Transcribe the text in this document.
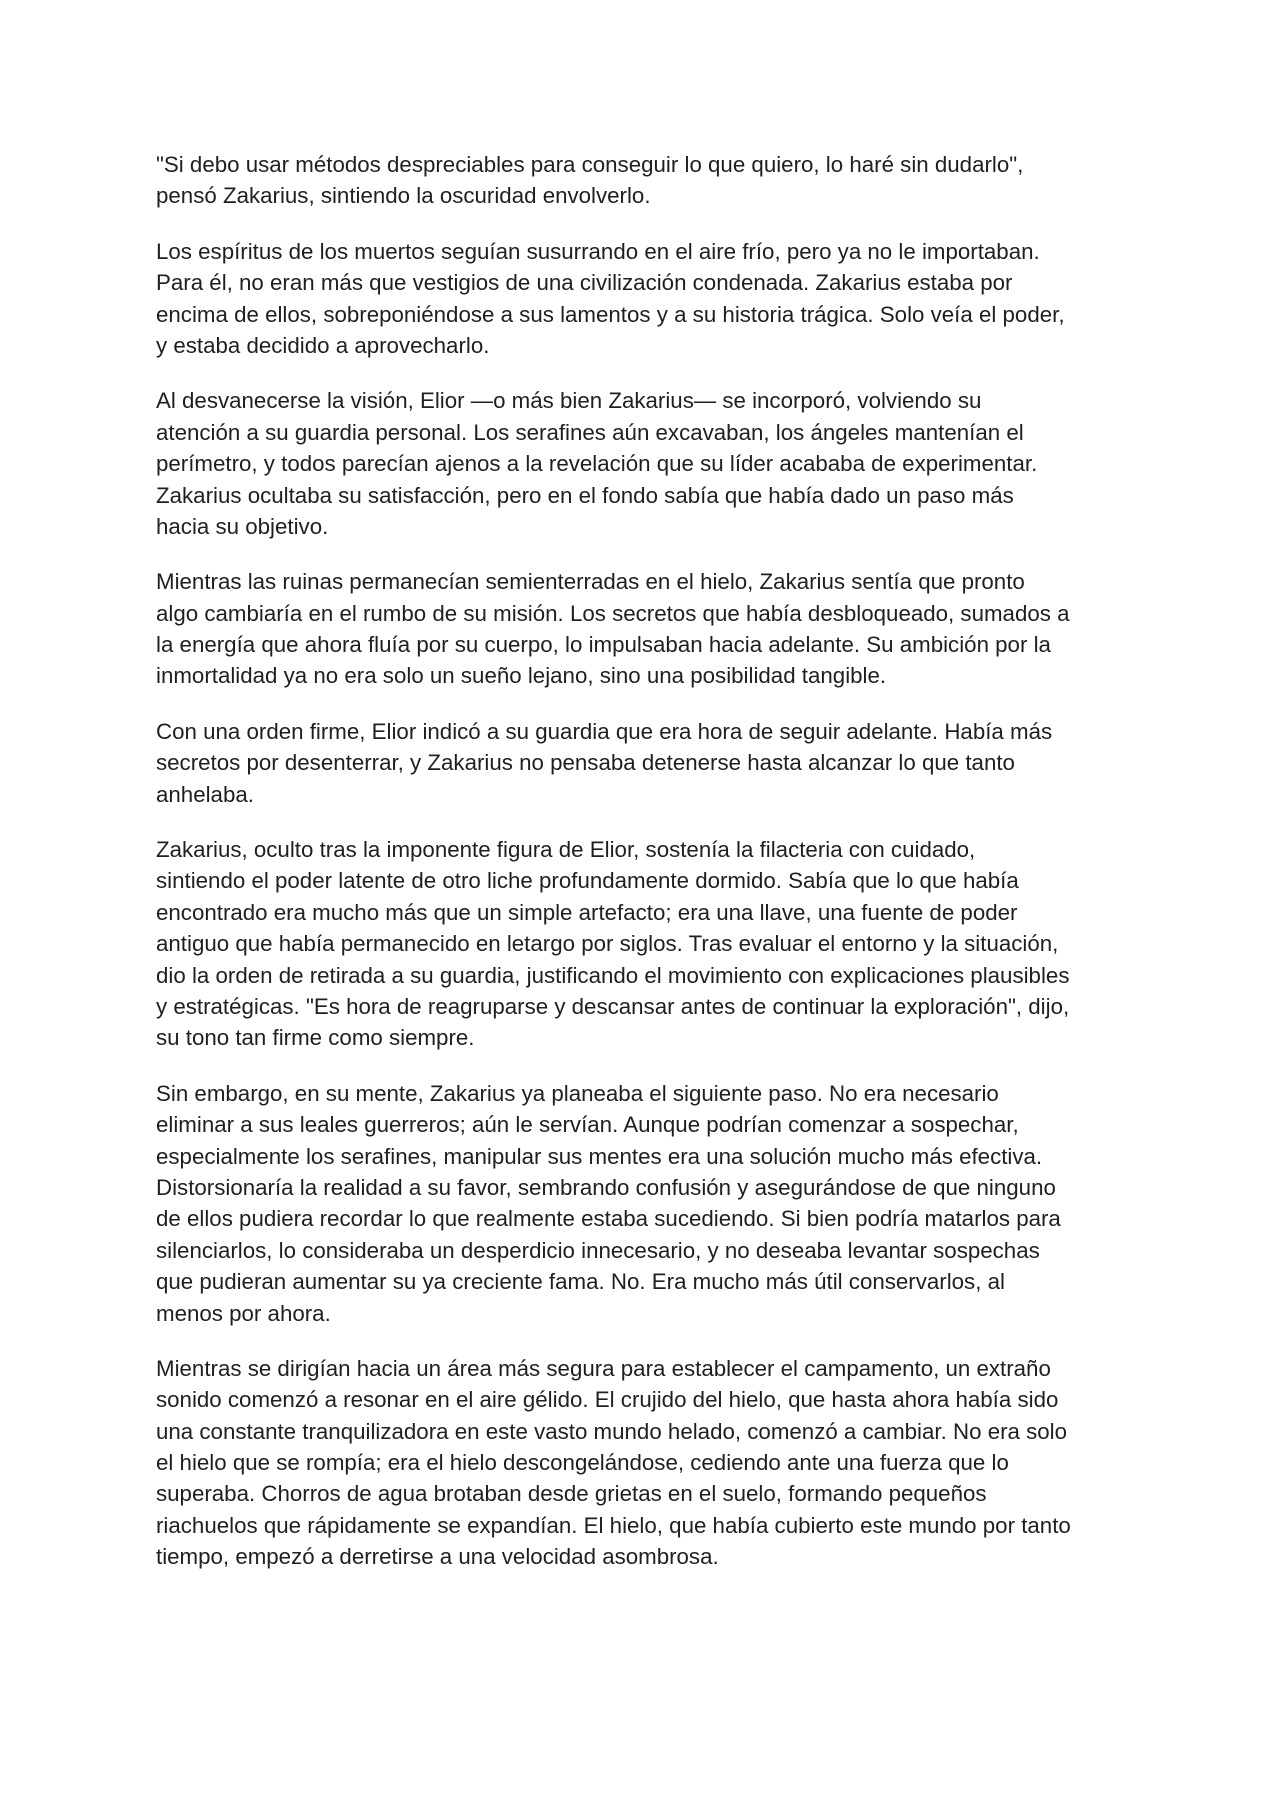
"Si debo usar métodos despreciables para conseguir lo que quiero, lo haré sin dudarlo",
pensó Zakarius, sintiendo la oscuridad envolverlo.

Los espíritus de los muertos seguían susurrando en el aire frío, pero ya no le importaban.
Para él, no eran más que vestigios de una civilización condenada. Zakarius estaba por
encima de ellos, sobreponiéndose a sus lamentos y a su historia trágica. Solo veía el poder,
y estaba decidido a aprovecharlo.

Al desvanecerse la visión, Elior —o más bien Zakarius— se incorporó, volviendo su
atención a su guardia personal. Los serafines aún excavaban, los ángeles mantenían el
perímetro, y todos parecían ajenos a la revelación que su líder acababa de experimentar.
Zakarius ocultaba su satisfacción, pero en el fondo sabía que había dado un paso más
hacia su objetivo.

Mientras las ruinas permanecían semienterradas en el hielo, Zakarius sentía que pronto
algo cambiaría en el rumbo de su misión. Los secretos que había desbloqueado, sumados a
la energía que ahora fluía por su cuerpo, lo impulsaban hacia adelante. Su ambición por la
inmortalidad ya no era solo un sueño lejano, sino una posibilidad tangible.

Con una orden firme, Elior indicó a su guardia que era hora de seguir adelante. Había más
secretos por desenterrar, y Zakarius no pensaba detenerse hasta alcanzar lo que tanto
anhelaba.

Zakarius, oculto tras la imponente figura de Elior, sostenía la filacteria con cuidado,
sintiendo el poder latente de otro liche profundamente dormido. Sabía que lo que había
encontrado era mucho más que un simple artefacto; era una llave, una fuente de poder
antiguo que había permanecido en letargo por siglos. Tras evaluar el entorno y la situación,
dio la orden de retirada a su guardia, justificando el movimiento con explicaciones plausibles
y estratégicas. "Es hora de reagruparse y descansar antes de continuar la exploración", dijo,
su tono tan firme como siempre.

Sin embargo, en su mente, Zakarius ya planeaba el siguiente paso. No era necesario
eliminar a sus leales guerreros; aún le servían. Aunque podrían comenzar a sospechar,
especialmente los serafines, manipular sus mentes era una solución mucho más efectiva.
Distorsionaría la realidad a su favor, sembrando confusión y asegurándose de que ninguno
de ellos pudiera recordar lo que realmente estaba sucediendo. Si bien podría matarlos para
silenciarlos, lo consideraba un desperdicio innecesario, y no deseaba levantar sospechas
que pudieran aumentar su ya creciente fama. No. Era mucho más útil conservarlos, al
menos por ahora.

Mientras se dirigían hacia un área más segura para establecer el campamento, un extraño
sonido comenzó a resonar en el aire gélido. El crujido del hielo, que hasta ahora había sido
una constante tranquilizadora en este vasto mundo helado, comenzó a cambiar. No era solo
el hielo que se rompía; era el hielo descongelándose, cediendo ante una fuerza que lo
superaba. Chorros de agua brotaban desde grietas en el suelo, formando pequeños
riachuelos que rápidamente se expandían. El hielo, que había cubierto este mundo por tanto
tiempo, empezó a derretirse a una velocidad asombrosa.
